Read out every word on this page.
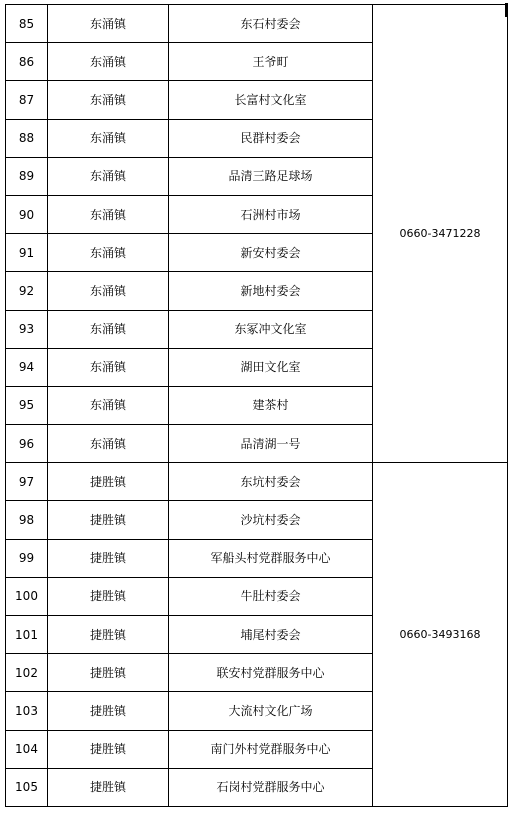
85	东涌镇	东石村委会	0660-3471228
86	东涌镇	王爷町	
87	东涌镇	长富村文化室	
88	东涌镇	民群村委会	
89	东涌镇	品清三路足球场	
90	东涌镇	石洲村市场	
91	东涌镇	新安村委会	
92	东涌镇	新地村委会	
93	东涌镇	东冢冲文化室	
94	东涌镇	湖田文化室	
95	东涌镇	建茶村	
96	东涌镇	品清湖一号	
97	捷胜镇	东坑村委会	0660-3493168
98	捷胜镇	沙坑村委会	
99	捷胜镇	军船头村党群服务中心	
100	捷胜镇	牛肚村委会	
101	捷胜镇	埔尾村委会	
102	捷胜镇	联安村党群服务中心	
103	捷胜镇	大流村文化广场	
104	捷胜镇	南门外村党群服务中心	
105	捷胜镇	石岗村党群服务中心	
